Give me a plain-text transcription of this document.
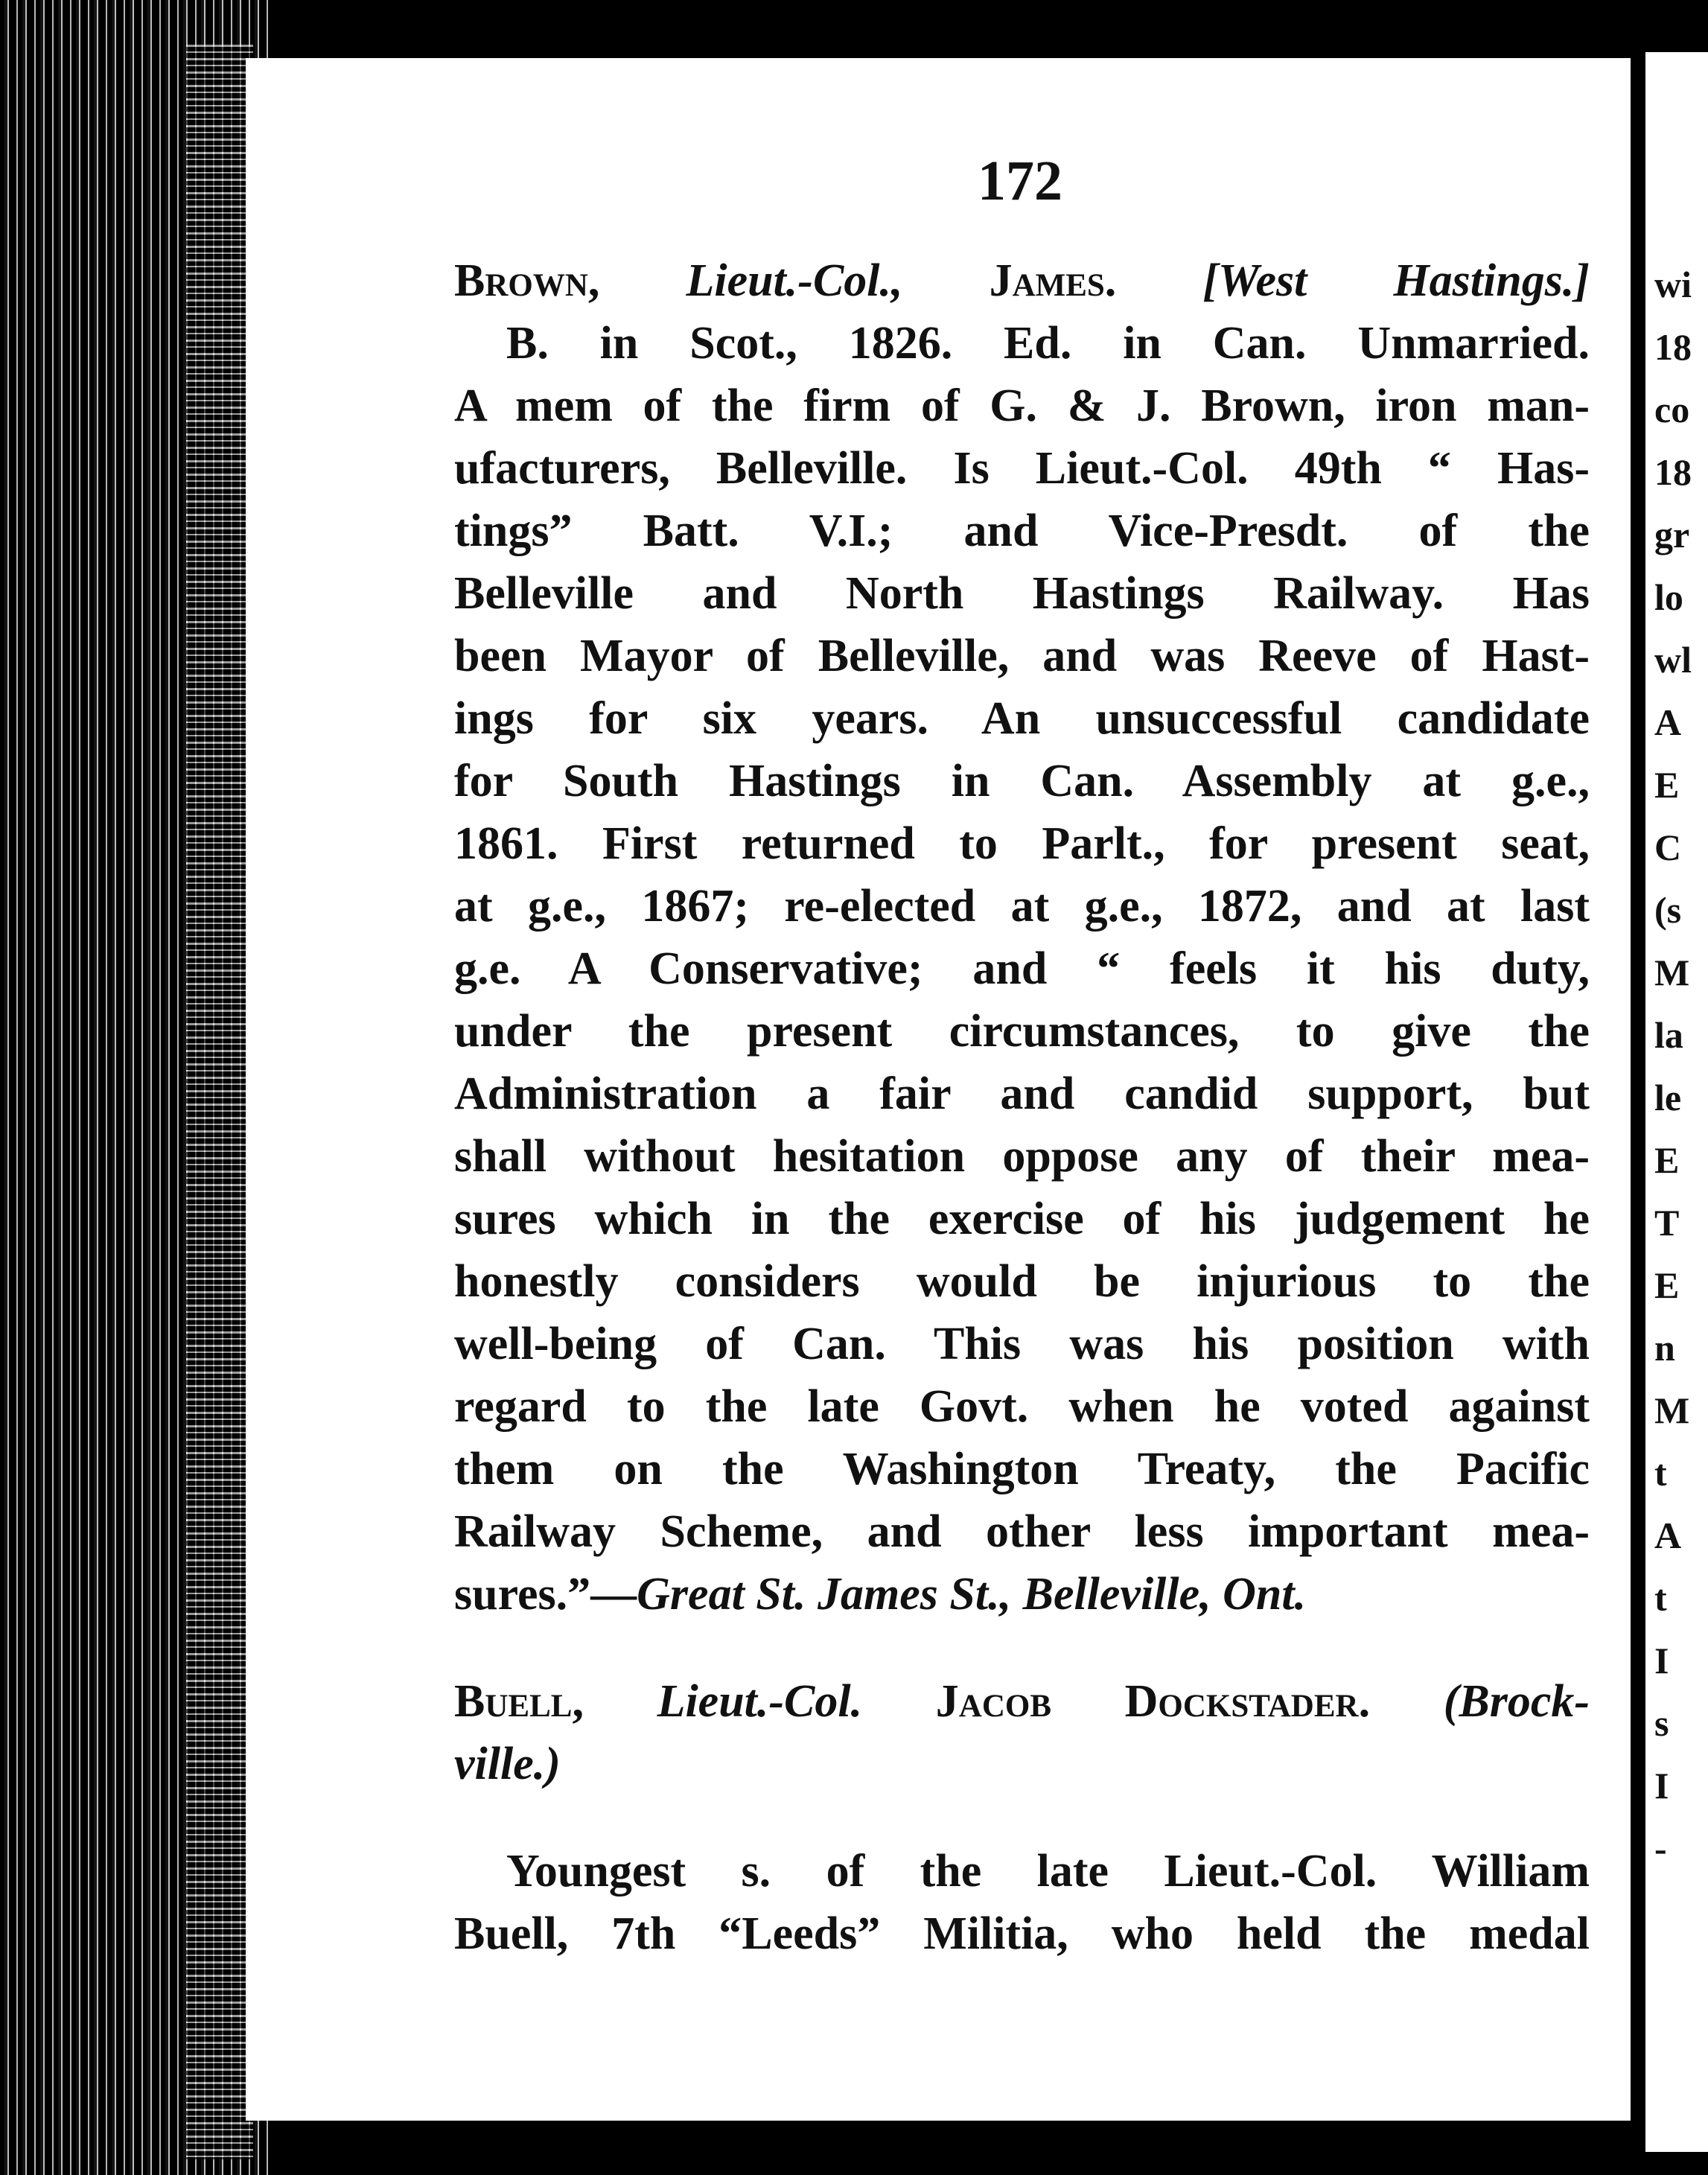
172
Brown, Lieut.-Col., James. [West Hastings.]
B. in Scot., 1826. Ed. in Can. Unmarried.
A mem of the firm of G. & J. Brown, iron man-
ufacturers, Belleville. Is Lieut.-Col. 49th “ Has-
tings” Batt. V.I.; and Vice-Presdt. of the
Belleville and North Hastings Railway. Has
been Mayor of Belleville, and was Reeve of Hast-
ings for six years. An unsuccessful candidate
for South Hastings in Can. Assembly at g.e.,
1861. First returned to Parlt., for present seat,
at g.e., 1867; re-elected at g.e., 1872, and at last
g.e. A Conservative; and “ feels it his duty,
under the present circumstances, to give the
Administration a fair and candid support, but
shall without hesitation oppose any of their mea-
sures which in the exercise of his judgement he
honestly considers would be injurious to the
well-being of Can. This was his position with
regard to the late Govt. when he voted against
them on the Washington Treaty, the Pacific
Railway Scheme, and other less important mea-
sures.”—Great St. James St., Belleville, Ont.
Buell, Lieut.-Col. Jacob Dockstader. (Brock-
ville.)
Youngest s. of the late Lieut.-Col. William
Buell, 7th “Leeds” Militia, who held the medal
wi
18
co
18
gr
lo
wl
A
E
C
(s
M
la
le
E
T
E
n
M
t
A
t
I
s
I
-
